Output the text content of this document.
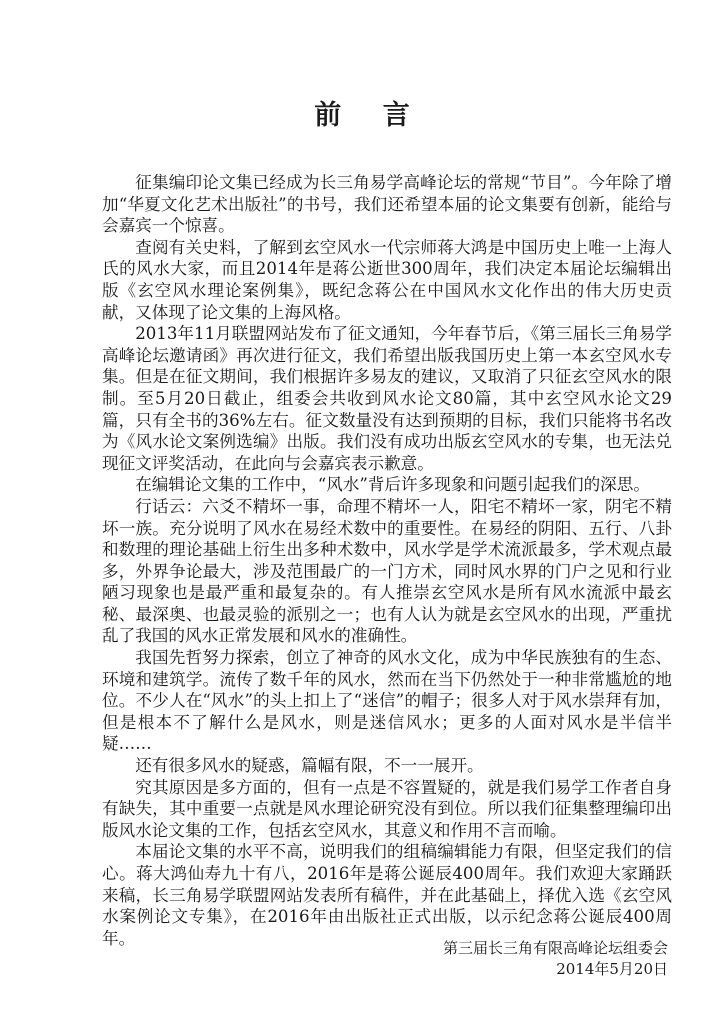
前 言

征集编印论文集已经成为长三角易学高峰论坛的常规“节目”。今年除了增加“华夏文化艺术出版社”的书号，我们还希望本届的论文集要有创新，能给与会嘉宾一个惊喜。

查阅有关史料，了解到玄空风水一代宗师蒋大鸿是中国历史上唯一上海人氏的风水大家，而且2014年是蒋公逝世300周年，我们决定本届论坛编辑出版《玄空风水理论案例集》，既纪念蒋公在中国风水文化作出的伟大历史贡献，又体现了论文集的上海风格。

2013年11月联盟网站发布了征文通知，今年春节后，《第三届长三角易学高峰论坛邀请函》再次进行征文，我们希望出版我国历史上第一本玄空风水专集。但是在征文期间，我们根据许多易友的建议，又取消了只征玄空风水的限制。至5月20日截止，组委会共收到风水论文80篇，其中玄空风水论文29篇，只有全书的36%左右。征文数量没有达到预期的目标，我们只能将书名改为《风水论文案例选编》出版。我们没有成功出版玄空风水的专集，也无法兑现征文评奖活动，在此向与会嘉宾表示歉意。

在编辑论文集的工作中，“风水”背后许多现象和问题引起我们的深思。

行话云：六爻不精坏一事，命理不精坏一人，阳宅不精坏一家，阴宅不精坏一族。充分说明了风水在易经术数中的重要性。在易经的阴阳、五行、八卦和数理的理论基础上衍生出多种术数中，风水学是学术流派最多，学术观点最多，外界争论最大，涉及范围最广的一门方术，同时风水界的门户之见和行业陋习现象也是最严重和最复杂的。有人推崇玄空风水是所有风水流派中最玄秘、最深奥、也最灵验的派别之一；也有人认为就是玄空风水的出现，严重扰乱了我国的风水正常发展和风水的准确性。

我国先哲努力探索，创立了神奇的风水文化，成为中华民族独有的生态、环境和建筑学。流传了数千年的风水，然而在当下仍然处于一种非常尴尬的地位。不少人在“风水”的头上扣上了“迷信”的帽子；很多人对于风水崇拜有加，但是根本不了解什么是风水，则是迷信风水；更多的人面对风水是半信半疑……

还有很多风水的疑惑，篇幅有限，不一一展开。

究其原因是多方面的，但有一点是不容置疑的，就是我们易学工作者自身有缺失，其中重要一点就是风水理论研究没有到位。所以我们征集整理编印出版风水论文集的工作，包括玄空风水，其意义和作用不言而喻。

本届论文集的水平不高，说明我们的组稿编辑能力有限，但坚定我们的信心。蒋大鸿仙寿九十有八，2016年是蒋公诞辰400周年。我们欢迎大家踊跃来稿，长三角易学联盟网站发表所有稿件，并在此基础上，择优入选《玄空风水案例论文专集》，在2016年由出版社正式出版，以示纪念蒋公诞辰400周年。

第三届长三角有限高峰论坛组委会
2014年5月20日
